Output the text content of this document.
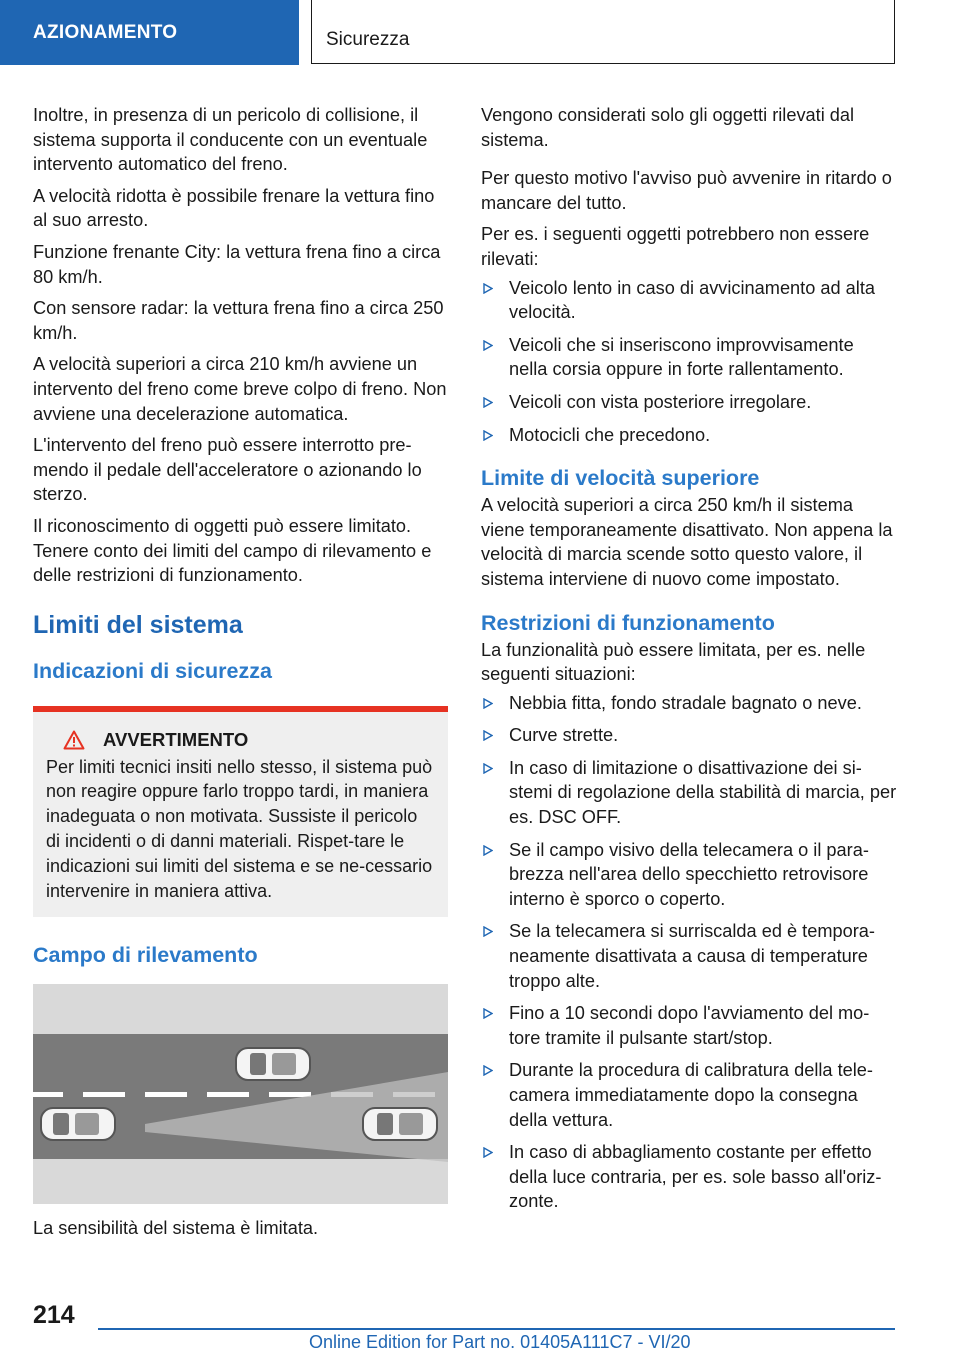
AZIONAMENTO	Sicurezza

Inoltre, in presenza di un pericolo di collisione, il sistema supporta il conducente con un eventuale intervento automatico del freno.

A velocità ridotta è possibile frenare la vettura fino al suo arresto.

Funzione frenante City: la vettura frena fino a circa 80 km/h.

Con sensore radar: la vettura frena fino a circa 250 km/h.

A velocità superiori a circa 210 km/h avviene un intervento del freno come breve colpo di freno. Non avviene una decelerazione automatica.

L'intervento del freno può essere interrotto pre-mendo il pedale dell'acceleratore o azionando lo sterzo.

Il riconoscimento di oggetti può essere limitato. Tenere conto dei limiti del campo di rilevamento e delle restrizioni di funzionamento.

Limiti del sistema
Indicazioni di sicurezza
AVVERTIMENTO

Per limiti tecnici insiti nello stesso, il sistema può non reagire oppure farlo troppo tardi, in maniera inadeguata o non motivata. Sussiste il pericolo di incidenti o di danni materiali. Rispet-tare le indicazioni sui limiti del sistema e se ne-cessario intervenire in maniera attiva.

Campo di rilevamento

La sensibilità del sistema è limitata.

Vengono considerati solo gli oggetti rilevati dal sistema.

Per questo motivo l'avviso può avvenire in ritardo o mancare del tutto.

Per es. i seguenti oggetti potrebbero non essere rilevati:

Veicolo lento in caso di avvicinamento ad alta velocità.
Veicoli che si inseriscono improvvisamente nella corsia oppure in forte rallentamento.
Veicoli con vista posteriore irregolare.
Motocicli che precedono.
Limite di velocità superiore

A velocità superiori a circa 250 km/h il sistema viene temporaneamente disattivato. Non appena la velocità di marcia scende sotto questo valore, il sistema interviene di nuovo come impostato.

Restrizioni di funzionamento

La funzionalità può essere limitata, per es. nelle seguenti situazioni:

Nebbia fitta, fondo stradale bagnato o neve.
Curve strette.
In caso di limitazione o disattivazione dei si-stemi di regolazione della stabilità di marcia, per es. DSC OFF.
Se il campo visivo della telecamera o il para-brezza nell'area dello specchietto retrovisore interno è sporco o coperto.
Se la telecamera si surriscalda ed è tempora-neamente disattivata a causa di temperature troppo alte.
Fino a 10 secondi dopo l'avviamento del mo-tore tramite il pulsante start/stop.
Durante la procedura di calibratura della tele-camera immediatamente dopo la consegna della vettura.
In caso di abbagliamento costante per effetto della luce contraria, per es. sole basso all'oriz-zonte.
214
Online Edition for Part no. 01405A111C7 - VI/20
